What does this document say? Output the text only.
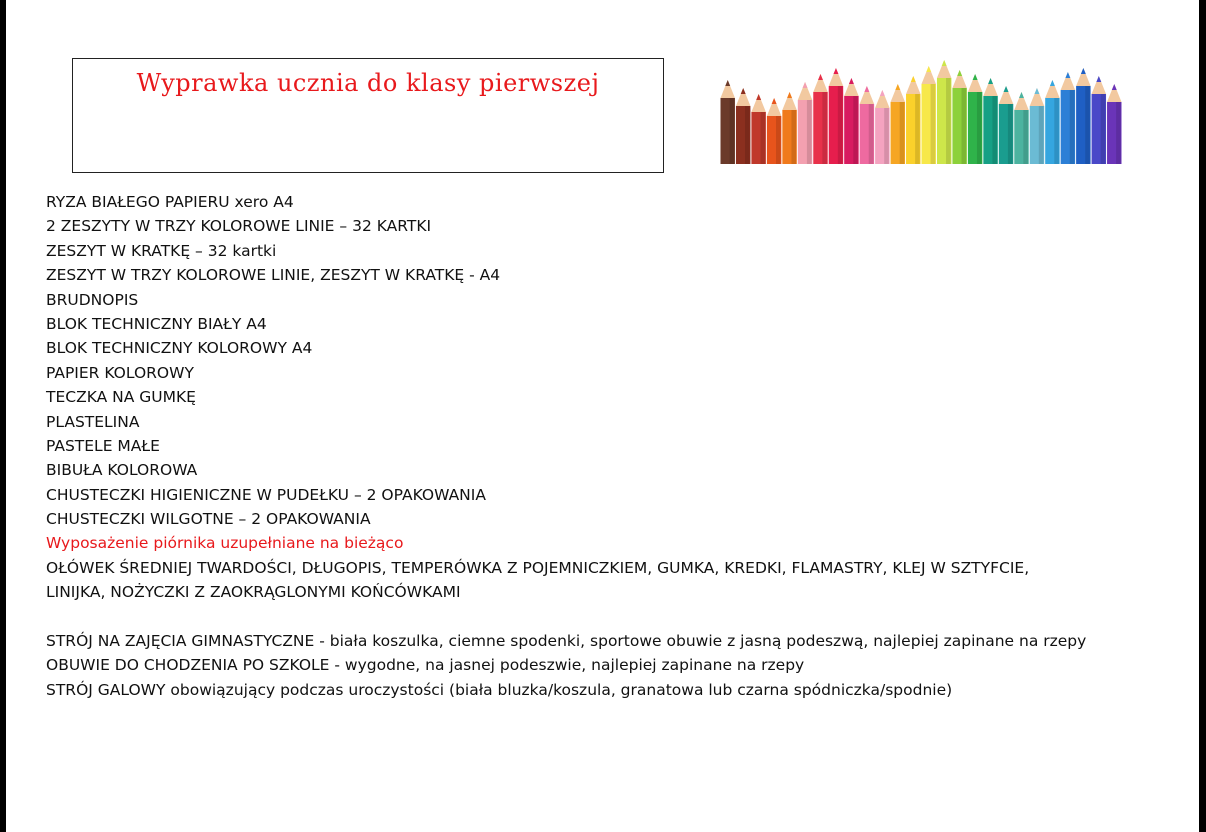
Wyprawka ucznia do klasy pierwszej
RYZA BIAŁEGO PAPIERU xero A4
2 ZESZYTY W TRZY KOLOROWE LINIE – 32 KARTKI
ZESZYT W KRATKĘ – 32 kartki
ZESZYT W TRZY KOLOROWE LINIE, ZESZYT W KRATKĘ - A4
BRUDNOPIS
BLOK TECHNICZNY BIAŁY A4
BLOK TECHNICZNY KOLOROWY A4
PAPIER KOLOROWY
TECZKA NA GUMKĘ
PLASTELINA
PASTELE MAŁE
BIBUŁA KOLOROWA
CHUSTECZKI HIGIENICZNE W PUDEŁKU – 2 OPAKOWANIA
CHUSTECZKI WILGOTNE – 2 OPAKOWANIA
Wyposażenie piórnika uzupełniane na bieżąco
OŁÓWEK ŚREDNIEJ TWARDOŚCI, DŁUGOPIS, TEMPERÓWKA Z POJEMNICZKIEM, GUMKA, KREDKI, FLAMASTRY, KLEJ W SZTYFCIE,
LINIJKA, NOŻYCZKI Z ZAOKRĄGLONYMI KOŃCÓWKAMI
STRÓJ NA ZAJĘCIA GIMNASTYCZNE - biała koszulka, ciemne spodenki, sportowe obuwie z jasną podeszwą, najlepiej zapinane na rzepy
OBUWIE DO CHODZENIA PO SZKOLE - wygodne, na jasnej podeszwie, najlepiej zapinane na rzepy
STRÓJ GALOWY obowiązujący podczas uroczystości (biała bluzka/koszula, granatowa lub czarna spódniczka/spodnie)
